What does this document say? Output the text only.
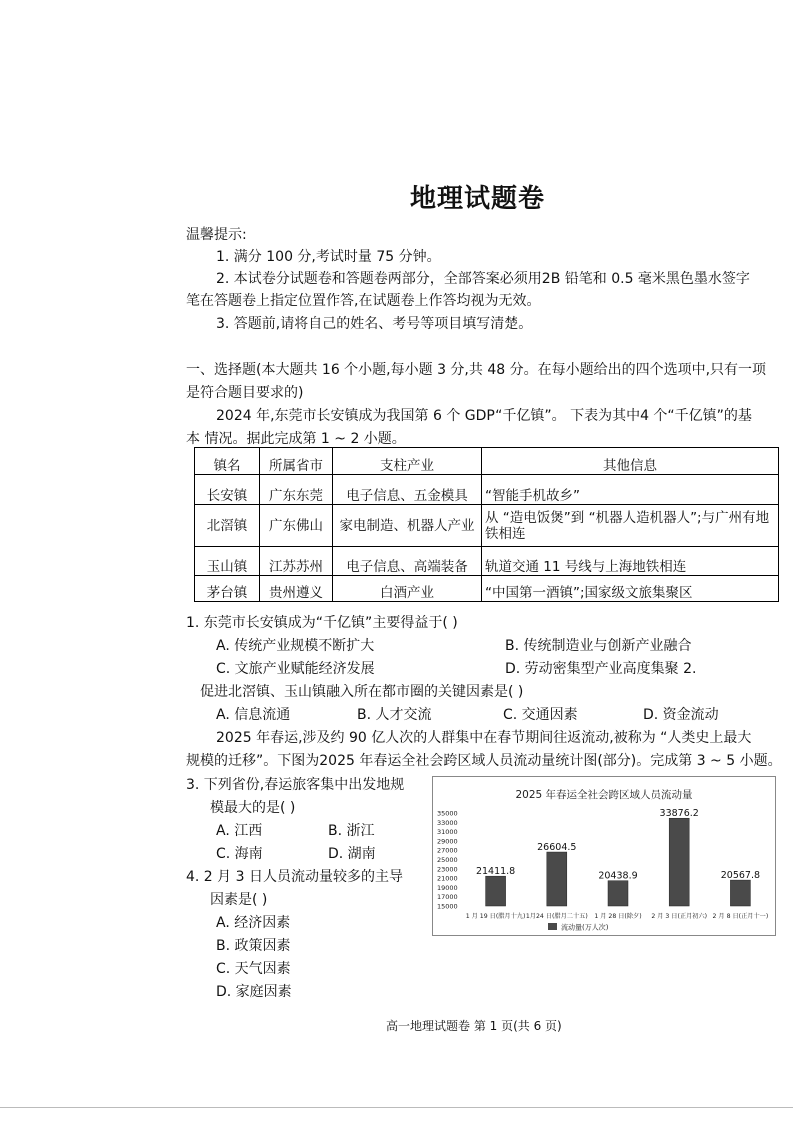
地理试题卷
温馨提示:
1. 满分 100 分,考试时量 75 分钟。
2. 本试卷分试题卷和答题卷两部分，全部答案必须用2B 铅笔和 0.5 毫米黑色墨水签字
笔在答题卷上指定位置作答,在试题卷上作答均视为无效。
3. 答题前,请将自己的姓名、考号等项目填写清楚。
一、选择题(本大题共 16 个小题,每小题 3 分,共 48 分。在每小题给出的四个选项中,只有一项
是符合题目要求的)
2024 年,东莞市长安镇成为我国第 6 个 GDP“千亿镇”。 下表为其中4 个“千亿镇”的基
本 情况。据此完成第 1 ~ 2 小题。
镇名	所属省市	支柱产业	其他信息
长安镇	广东东莞	电子信息、五金模具	“智能手机故乡”
北滘镇	广东佛山	家电制造、机器人产业	从 “造电饭煲”到 “机器人造机器人”;与广州有地铁相连
玉山镇	江苏苏州	电子信息、高端装备	轨道交通 11 号线与上海地铁相连
茅台镇	贵州遵义	白酒产业	“中国第一酒镇”;国家级文旅集聚区
1. 东莞市长安镇成为“千亿镇”主要得益于( )
A. 传统产业规模不断扩大	B. 传统制造业与创新产业融合
C. 文旅产业赋能经济发展	D. 劳动密集型产业高度集聚 2.
促进北滘镇、玉山镇融入所在都市圈的关键因素是( )
A. 信息流通	B. 人才交流	C. 交通因素	D. 资金流动
2025 年春运,涉及约 90 亿人次的人群集中在春节期间往返流动,被称为 “人类史上最大
规模的迁移”。下图为2025 年春运全社会跨区域人员流动量统计图(部分)。完成第 3 ~ 5 小题。
3. 下列省份,春运旅客集中出发地规
模最大的是( )
A. 江西	B. 浙江
C. 海南	D. 湖南
4. 2 月 3 日人员流动量较多的主导
因素是( )
A. 经济因素
B. 政策因素
C. 天气因素
D. 家庭因素
2025 年春运全社会跨区域人员流动量
35000
33000
31000
29000
27000
25000
23000
21000
19000
17000
15000
21411.8
26604.5
20438.9
33876.2
20567.8
1 月 19 日(腊月十九) 1月24 日(腊月二十五) 1 月 28 日(除夕) 2 月 3 日(正月初六) 2 月 8 日(正月十一)
流动量(万人次)
高一地理试题卷 第 1 页(共 6 页)
